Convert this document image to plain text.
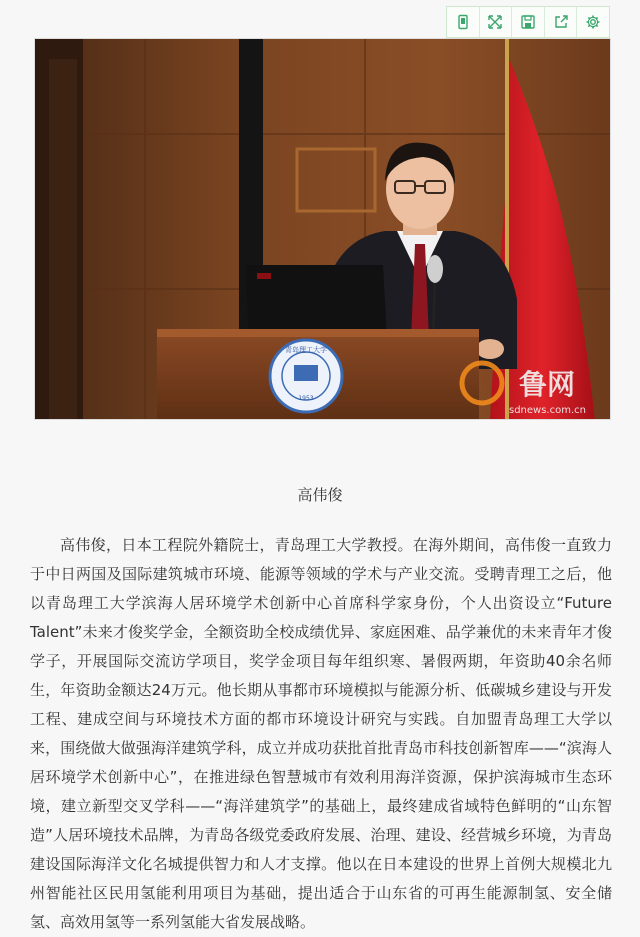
青岛理工大学
1953	鲁网
sdnews.com.cn
高伟俊

高伟俊，日本工程院外籍院士，青岛理工大学教授。在海外期间，高伟俊一直致力于中日两国及国际建筑城市环境、能源等领域的学术与产业交流。受聘青理工之后，他以青岛理工大学滨海人居环境学术创新中心首席科学家身份，个人出资设立“Future Talent”未来才俊奖学金，全额资助全校成绩优异、家庭困难、品学兼优的未来青年才俊学子，开展国际交流访学项目，奖学金项目每年组织寒、暑假两期，年资助40余名师生，年资助金额达24万元。他长期从事都市环境模拟与能源分析、低碳城乡建设与开发工程、建成空间与环境技术方面的都市环境设计研究与实践。自加盟青岛理工大学以来，围绕做大做强海洋建筑学科，成立并成功获批首批青岛市科技创新智库——“滨海人居环境学术创新中心”，在推进绿色智慧城市有效利用海洋资源，保护滨海城市生态环境，建立新型交叉学科——“海洋建筑学”的基础上，最终建成省域特色鲜明的“山东智造”人居环境技术品牌，为青岛各级党委政府发展、治理、建设、经营城乡环境，为青岛建设国际海洋文化名城提供智力和人才支撑。他以在日本建设的世界上首例大规模北九州智能社区民用氢能利用项目为基础，提出适合于山东省的可再生能源制氢、安全储氢、高效用氢等一系列氢能大省发展战略。
